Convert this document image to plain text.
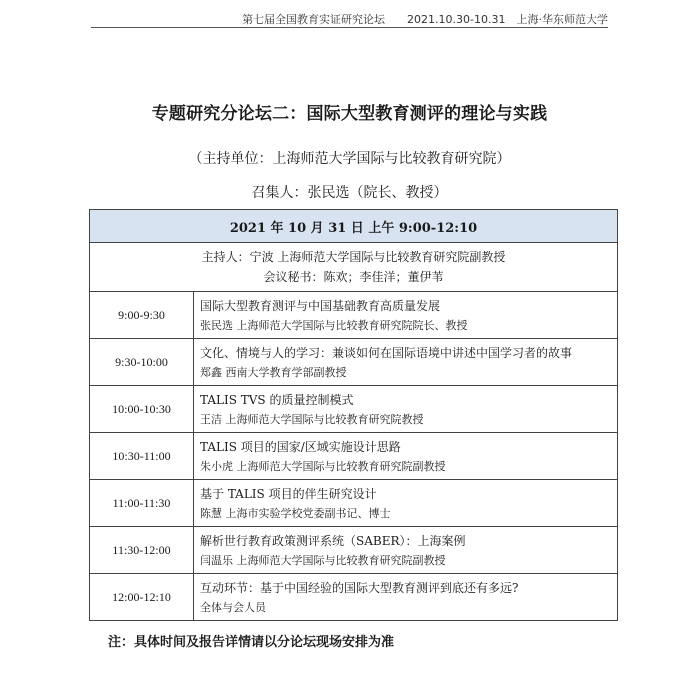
第七届全国教育实证研究论坛　　2021.10.30-10.31　上海·华东师范大学
专题研究分论坛二：国际大型教育测评的理论与实践
（主持单位：上海师范大学国际与比较教育研究院）
召集人：张民选（院长、教授）
2021 年 10 月 31 日 上午 9:00-12:10	

主持人：宁波 上海师范大学国际与比较教育研究院副教授
会议秘书：陈欢；李佳洋；董伊苇	

9:00-9:30	国际大型教育测评与中国基础教育高质量发展
张民选 上海师范大学国际与比较教育研究院院长、教授

9:30-10:00	文化、情境与人的学习：兼谈如何在国际语境中讲述中国学习者的故事
郑鑫 西南大学教育学部副教授

10:00-10:30	TALIS TVS 的质量控制模式
王洁 上海师范大学国际与比较教育研究院教授

10:30-11:00	TALIS 项目的国家/区域实施设计思路
朱小虎 上海师范大学国际与比较教育研究院副教授

11:00-11:30	基于 TALIS 项目的伴生研究设计
陈慧 上海市实验学校党委副书记、博士

11:30-12:00	解析世行教育政策测评系统（SABER）：上海案例
闫温乐 上海师范大学国际与比较教育研究院副教授

12:00-12:10	互动环节：基于中国经验的国际大型教育测评到底还有多远?
全体与会人员
注：具体时间及报告详情请以分论坛现场安排为准
